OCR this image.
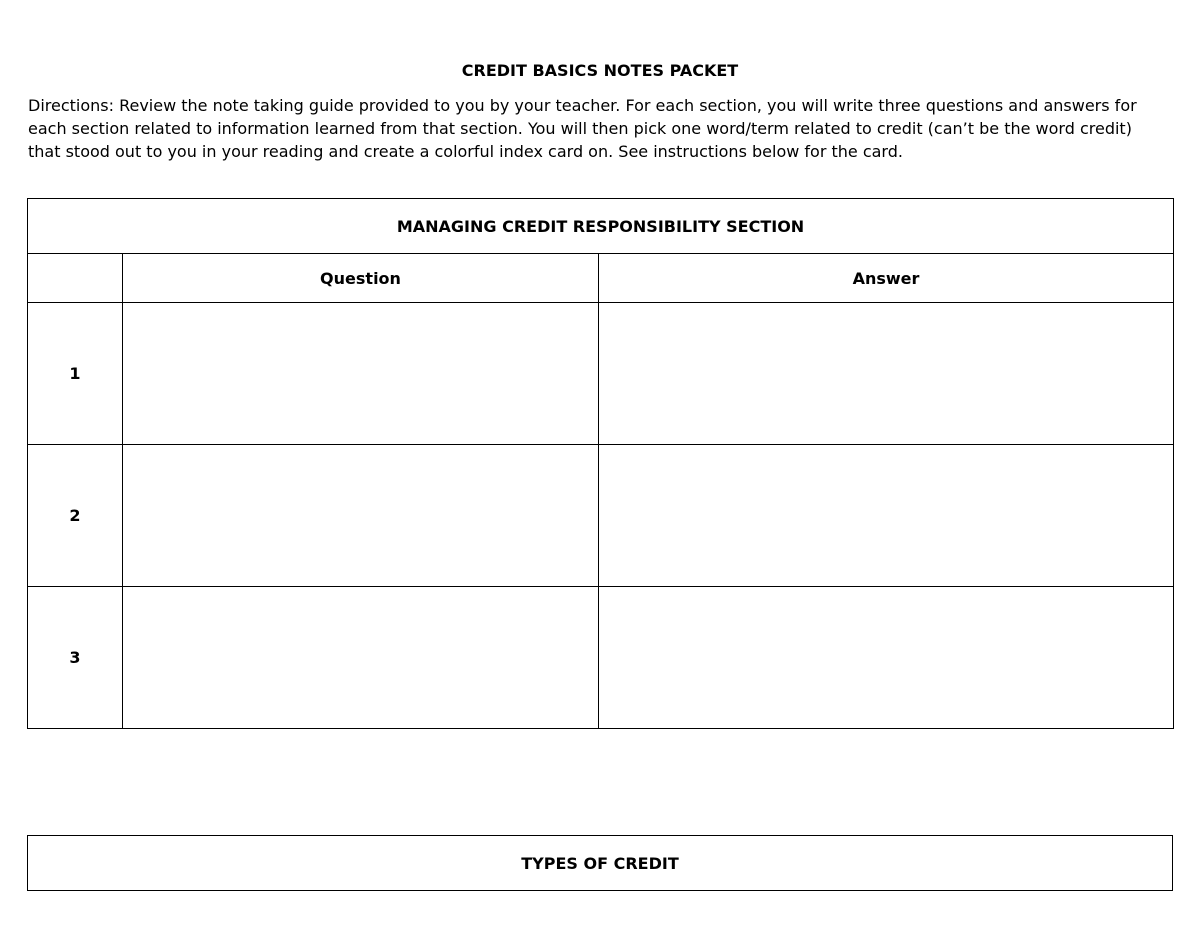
CREDIT BASICS NOTES PACKET
Directions: Review the note taking guide provided to you by your teacher. For each section, you will write three questions and answers for each section related to information learned from that section. You will then pick one word/term related to credit (can’t be the word credit) that stood out to you in your reading and create a colorful index card on. See instructions below for the card.
MANAGING CREDIT RESPONSIBILITY SECTION		
	Question	Answer
1		
2		
3		
TYPES OF CREDIT
